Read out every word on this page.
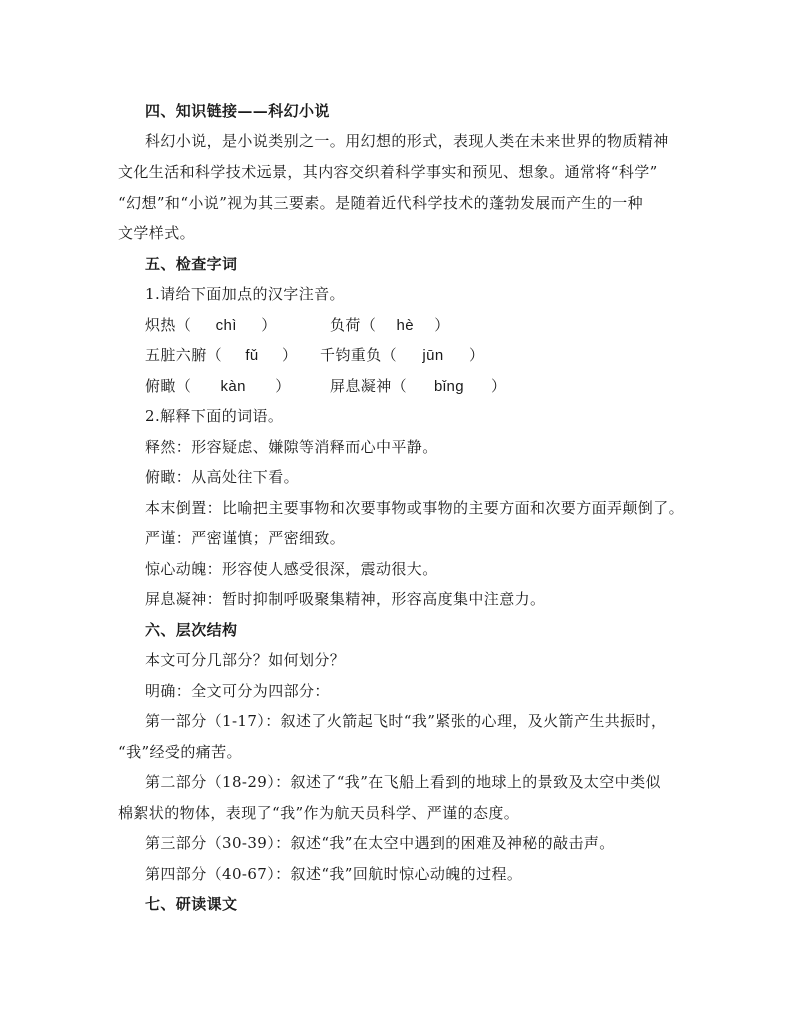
四、知识链接——科幻小说
科幻小说，是小说类别之一。用幻想的形式，表现人类在未来世界的物质精神
文化生活和科学技术远景，其内容交织着科学事实和预见、想象。通常将“科学”
“幻想”和“小说”视为其三要素。是随着近代科学技术的蓬勃发展而产生的一种
文学样式。
五、检查字词
1.请给下面加点的汉字注音。
炽热（ chì ）	负荷（ hè ）
五脏六腑（ fǔ ） 千钧重负（ jūn ）
俯瞰（ kàn ）	屏息凝神（ bǐng ）
2.解释下面的词语。
释然：形容疑虑、嫌隙等消释而心中平静。
俯瞰：从高处往下看。
本末倒置：比喻把主要事物和次要事物或事物的主要方面和次要方面弄颠倒了。
严谨：严密谨慎；严密细致。
惊心动魄：形容使人感受很深，震动很大。
屏息凝神：暂时抑制呼吸聚集精神，形容高度集中注意力。
六、层次结构
本文可分几部分？如何划分？
明确：全文可分为四部分：
第一部分（1-17）：叙述了火箭起飞时“我”紧张的心理，及火箭产生共振时，
“我”经受的痛苦。
第二部分（18-29）：叙述了“我”在飞船上看到的地球上的景致及太空中类似
棉絮状的物体，表现了“我”作为航天员科学、严谨的态度。
第三部分（30-39）：叙述“我”在太空中遇到的困难及神秘的敲击声。
第四部分（40-67）：叙述“我”回航时惊心动魄的过程。
七、研读课文
